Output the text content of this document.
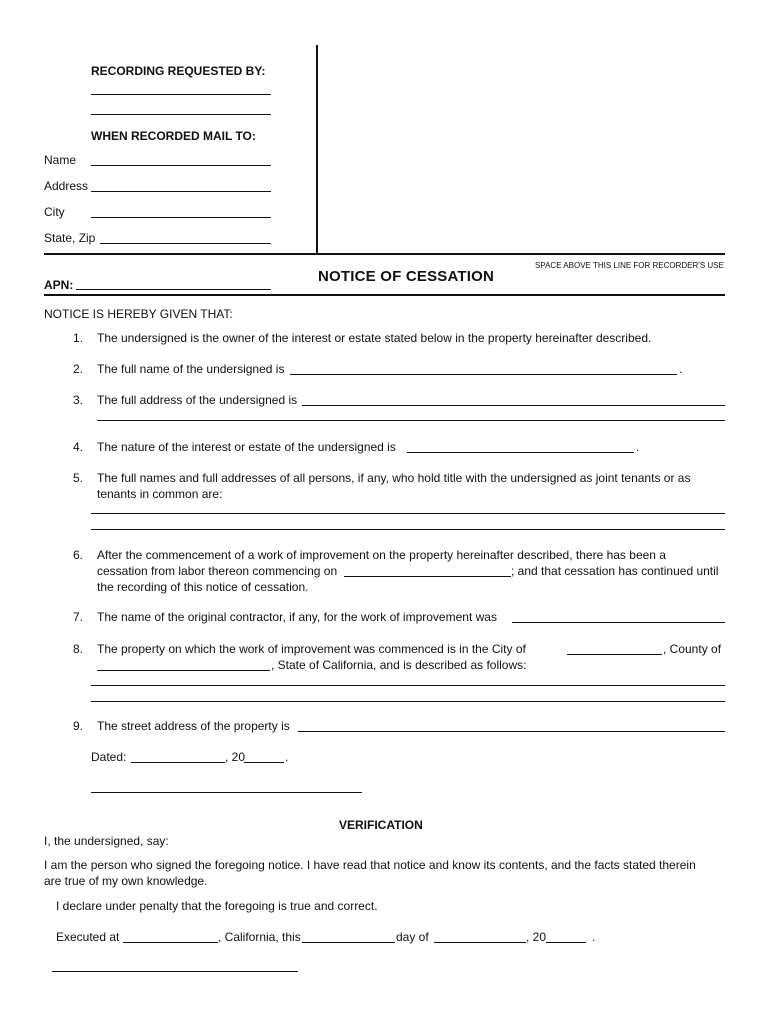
RECORDING REQUESTED BY:
WHEN RECORDED MAIL TO:
Name
Address
City
State, Zip
SPACE ABOVE THIS LINE FOR RECORDER'S USE
APN:	NOTICE OF CESSATION
NOTICE IS HEREBY GIVEN THAT:
1. The undersigned is the owner of the interest or estate stated below in the property hereinafter described.
2. The full name of the undersigned is	.
3. The full address of the undersigned is
4. The nature of the interest or estate of the undersigned is	.
5. The full names and full addresses of all persons, if any, who hold title with the undersigned as joint tenants or as
tenants in common are:
6. After the commencement of a work of improvement on the property hereinafter described, there has been a
cessation from labor thereon commencing on	; and that cessation has continued until
the recording of this notice of cessation.
7. The name of the original contractor, if any, for the work of improvement was
8. The property on which the work of improvement was commenced is in the City of	, County of
, State of California, and is described as follows:
9. The street address of the property is
Dated:	, 20	.
VERIFICATION
I, the undersigned, say:
I am the person who signed the foregoing notice. I have read that notice and know its contents, and the facts stated therein
are true of my own knowledge.
I declare under penalty that the foregoing is true and correct.
Executed at	, California, this	day of	, 20	.
